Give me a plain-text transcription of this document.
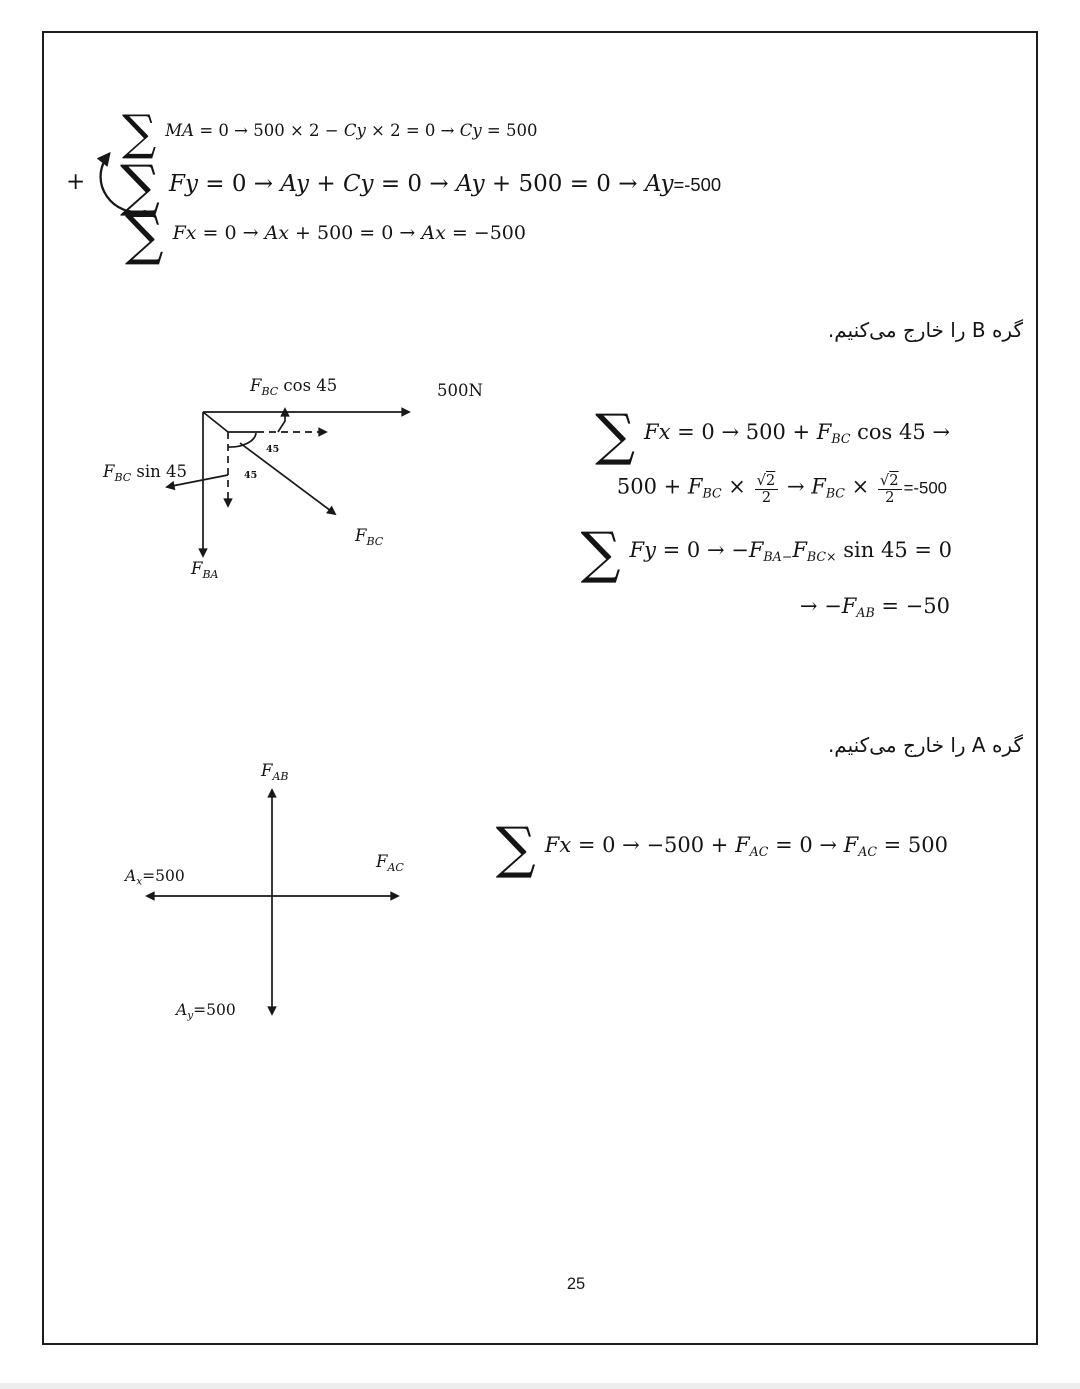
+
∑ MA = 0 → 500 × 2 − Cy × 2 = 0 → Cy = 500
∑ Fy = 0 → Ay + Cy = 0 → Ay + 500 = 0 → Ay=-500
∑ Fx = 0 → Ax + 500 = 0 → Ax = −500
گره B را خارج می‌کنیم.
$F_{BC}$ cos 45	500N
$F_{BC}$ sin 45
$F_{BA}$
$F_{BC}$
45
45
∑ Fx = 0 → 500 + FBC cos 45 →
500 + FBC × $\frac{√2}{2}$ → FBC × $\frac{√2}{2} =-500$
∑ Fy = 0 → −FBA−FBC× sin 45 = 0
→ −FAB = −50
گره A را خارج می‌کنیم.
$F_{AB}$
$F_{AC}$
$A_x=500$
$A_y=500$
∑ Fx = 0 → −500 + FAC = 0 → FAC = 500
25
